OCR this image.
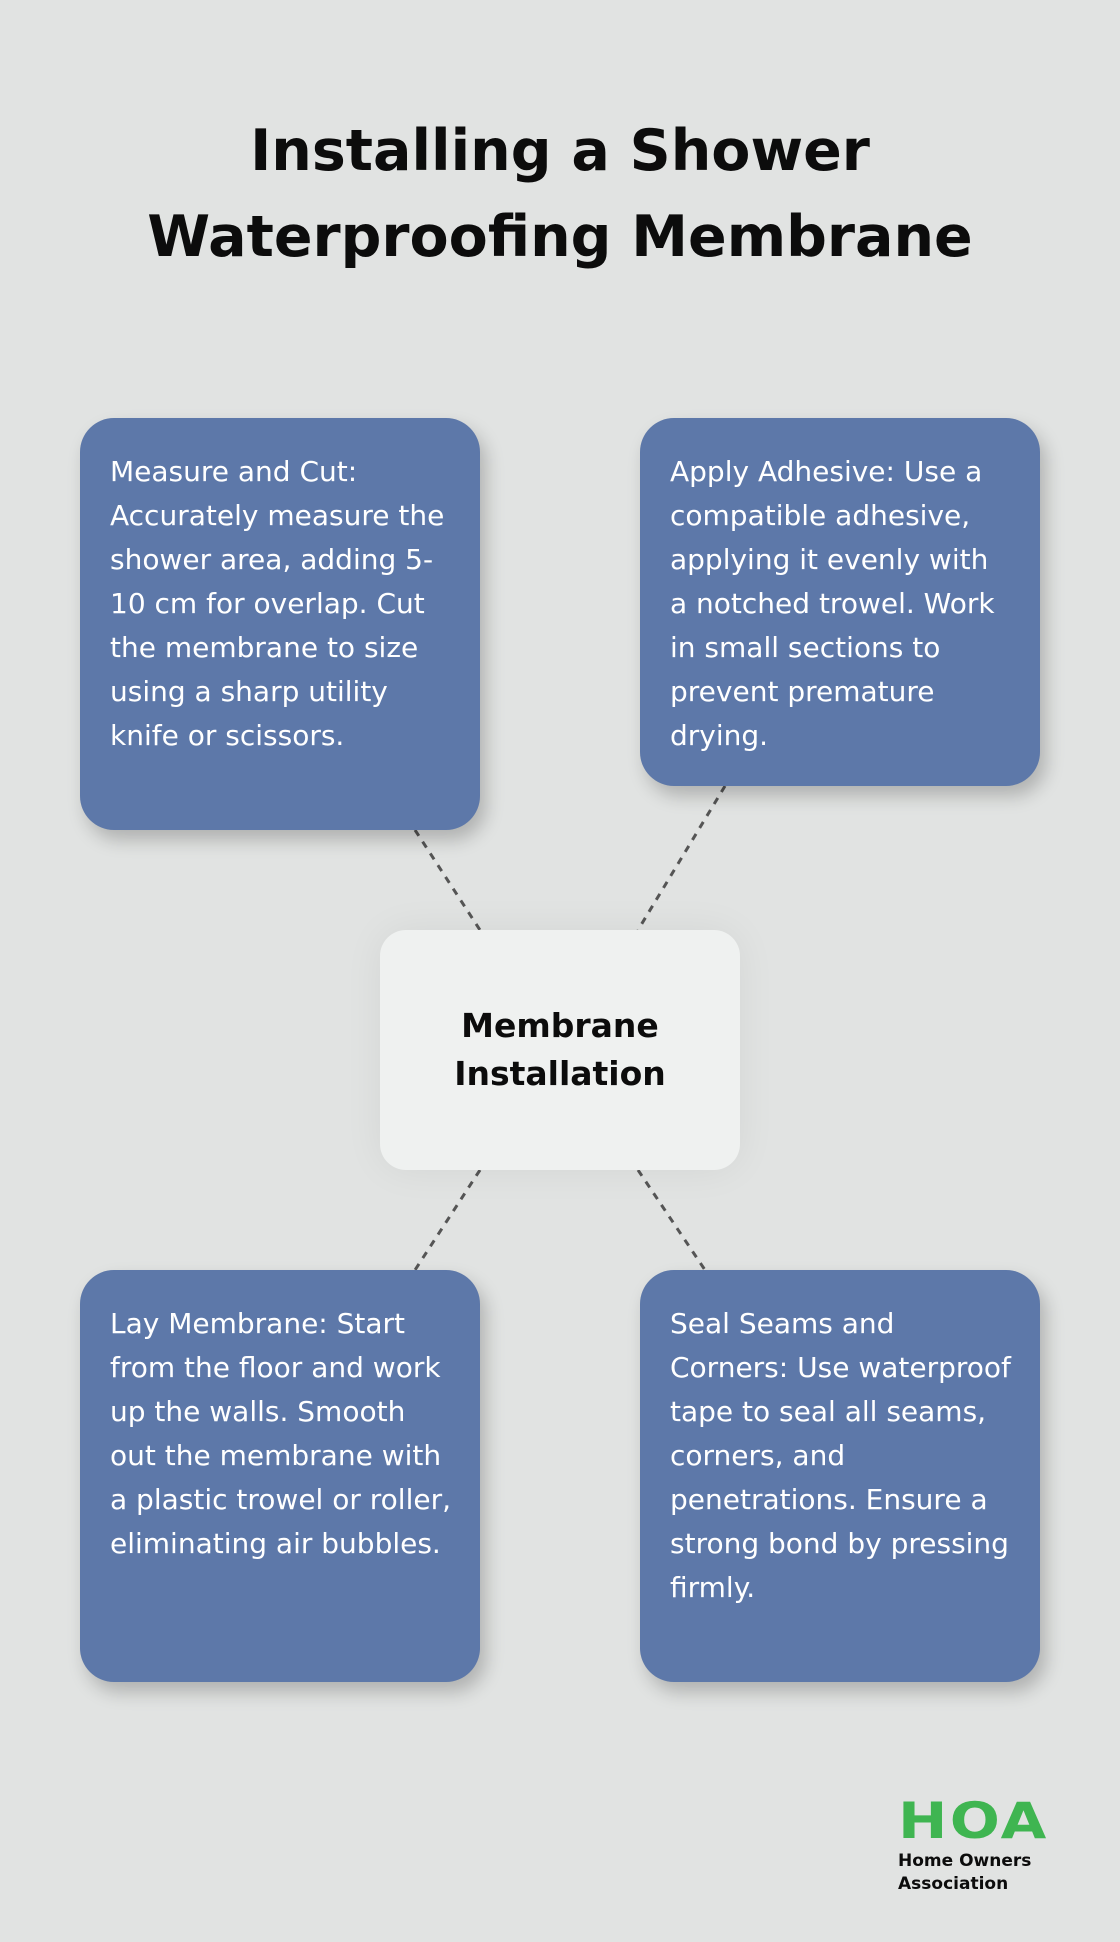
Installing a Shower
Waterproofing Membrane

Measure and Cut: Accurately measure the shower area, adding 5-10 cm for overlap. Cut the membrane to size using a sharp utility knife or scissors.

Apply Adhesive: Use a compatible adhesive, applying it evenly with a notched trowel. Work in small sections to prevent premature drying.

Membrane
Installation

Lay Membrane: Start from the floor and work up the walls. Smooth out the membrane with a plastic trowel or roller, eliminating air bubbles.

Seal Seams and Corners: Use waterproof tape to seal all seams, corners, and penetrations. Ensure a strong bond by pressing firmly.

HOA
Home Owners
Association
